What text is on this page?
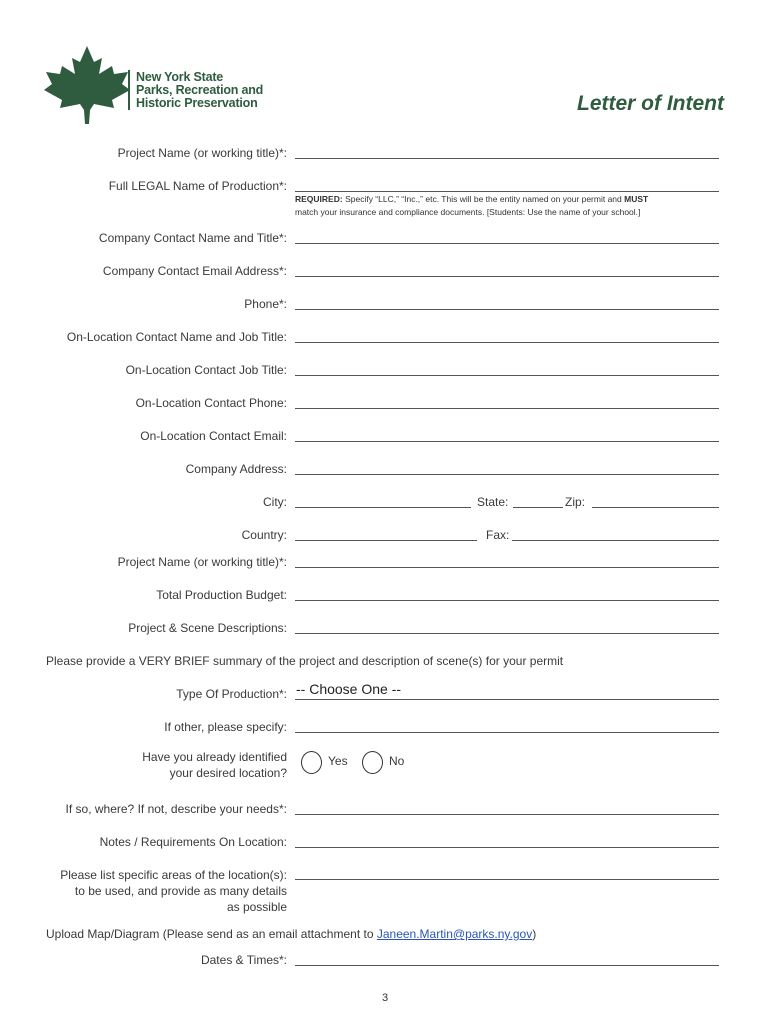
New York State
Parks, Recreation and
Historic Preservation	Letter of Intent
Project Name (or working title)*:
Full LEGAL Name of Production*:
REQUIRED: Specify “LLC,” “Inc.,” etc. This will be the entity named on your permit and MUST
match your insurance and compliance documents. [Students: Use the name of your school.]
Company Contact Name and Title*:
Company Contact Email Address*:
Phone*:
On-Location Contact Name and Job Title:
On-Location Contact Job Title:
On-Location Contact Phone:
On-Location Contact Email:
Company Address:
City:	State:	Zip:
Country:	Fax:
Project Name (or working title)*:
Total Production Budget:
Project & Scene Descriptions:
Please provide a VERY BRIEF summary of the project and description of scene(s) for your permit
Type Of Production*: -- Choose One --
If other, please specify:
Have you already identified
your desired location?
Yes	No
If so, where? If not, describe your needs*:
Notes / Requirements On Location:
Please list specific areas of the location(s):
to be used, and provide as many details
as possible
Upload Map/Diagram (Please send as an email attachment to Janeen.Martin@parks.ny.gov)
Dates & Times*:
3
